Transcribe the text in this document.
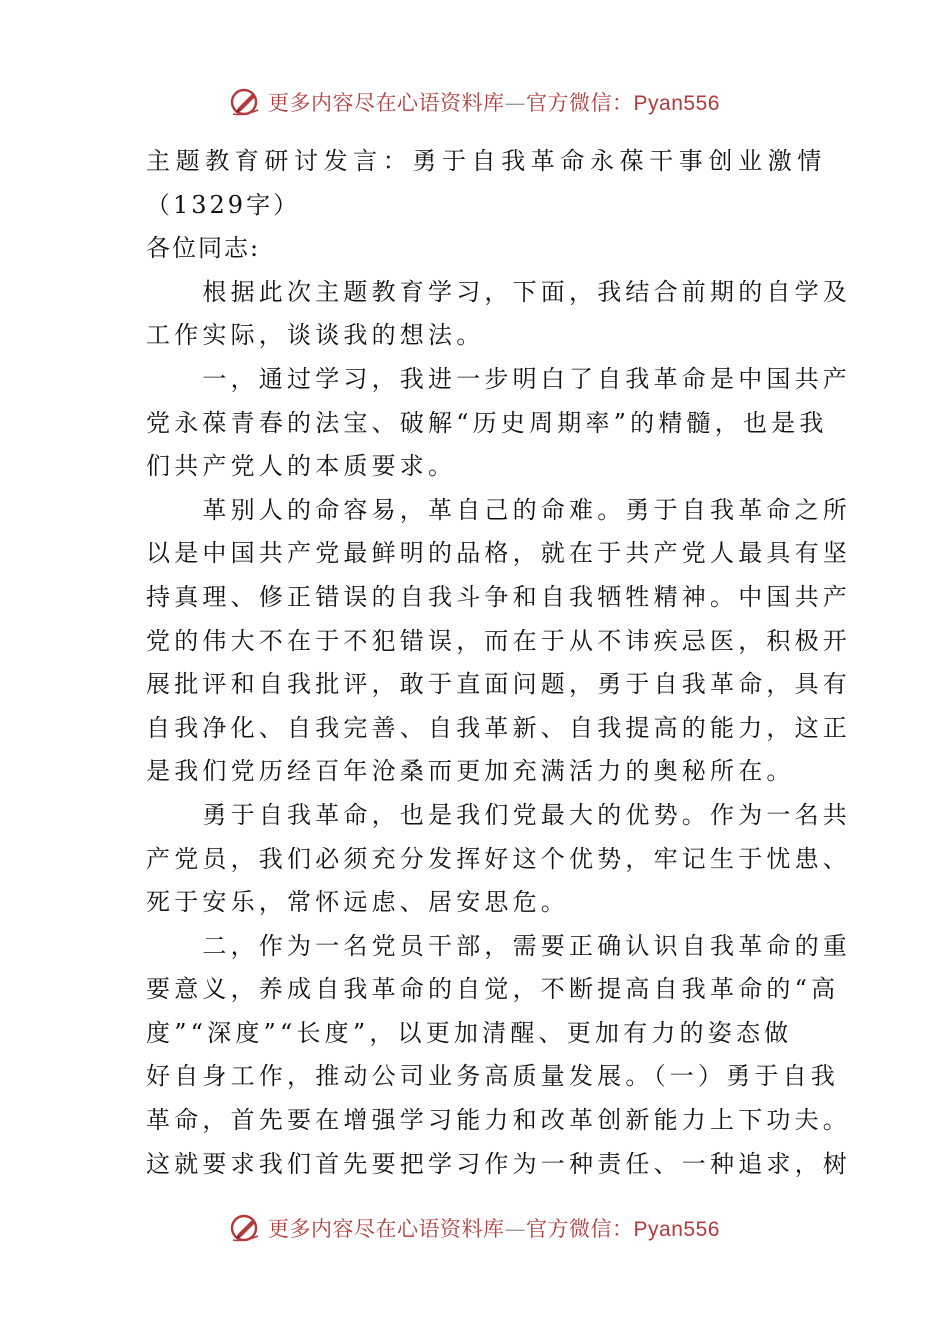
更多内容尽在心语资料库—官方微信：Pyan556
主题教育研讨发言：勇于自我革命永葆干事创业激情
（1329字）
各位同志:
　　根据此次主题教育学习，下面，我结合前期的自学及
工作实际，谈谈我的想法。
　　一，通过学习，我进一步明白了自我革命是中国共产
党永葆青春的法宝、破解“历史周期率”的精髓，也是我
们共产党人的本质要求。
　　革别人的命容易，革自己的命难。勇于自我革命之所
以是中国共产党最鲜明的品格，就在于共产党人最具有坚
持真理、修正错误的自我斗争和自我牺牲精神。中国共产
党的伟大不在于不犯错误，而在于从不讳疾忌医，积极开
展批评和自我批评，敢于直面问题，勇于自我革命，具有
自我净化、自我完善、自我革新、自我提高的能力，这正
是我们党历经百年沧桑而更加充满活力的奥秘所在。
　　勇于自我革命，也是我们党最大的优势。作为一名共
产党员，我们必须充分发挥好这个优势，牢记生于忧患、
死于安乐，常怀远虑、居安思危。
　　二，作为一名党员干部，需要正确认识自我革命的重
要意义，养成自我革命的自觉，不断提高自我革命的“高
度”“深度”“长度”，以更加清醒、更加有力的姿态做
好自身工作，推动公司业务高质量发展。（一）勇于自我
革命，首先要在增强学习能力和改革创新能力上下功夫。
这就要求我们首先要把学习作为一种责任、一种追求，树
更多内容尽在心语资料库—官方微信：Pyan556
